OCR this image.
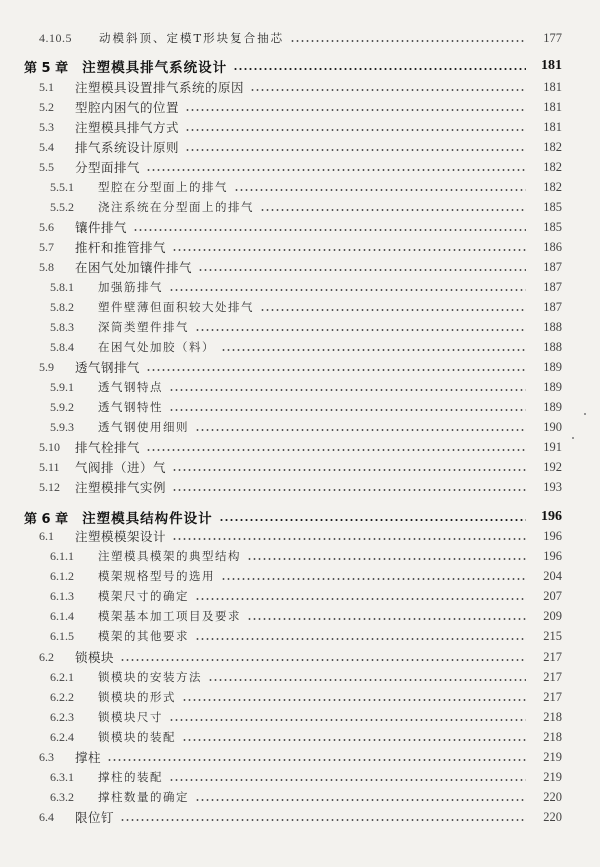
4.10.5	动模斜顶、定模T形块复合抽芯	177
第 5 章 注塑模具排气系统设计	181
5.1	注塑模具设置排气系统的原因	181
5.2	型腔内困气的位置	181
5.3	注塑模具排气方式	181
5.4	排气系统设计原则	182
5.5	分型面排气	182
5.5.1	型腔在分型面上的排气	182
5.5.2	浇注系统在分型面上的排气	185
5.6	镶件排气	185
5.7	推杆和推管排气	186
5.8	在困气处加镶件排气	187
5.8.1	加强筋排气	187
5.8.2	塑件壁薄但面积较大处排气	187
5.8.3	深筒类塑件排气	188
5.8.4	在困气处加胶（料）	188
5.9	透气钢排气	189
5.9.1	透气钢特点	189
5.9.2	透气钢特性	189
5.9.3	透气钢使用细则	190
5.10	排气栓排气	191
5.11	气阀排（进）气	192
5.12	注塑模排气实例	193
第 6 章 注塑模具结构件设计	196
6.1	注塑模模架设计	196
6.1.1	注塑模具模架的典型结构	196
6.1.2	模架规格型号的选用	204
6.1.3	模架尺寸的确定	207
6.1.4	模架基本加工项目及要求	209
6.1.5	模架的其他要求	215
6.2	锁模块	217
6.2.1	锁模块的安装方法	217
6.2.2	锁模块的形式	217
6.2.3	锁模块尺寸	218
6.2.4	锁模块的装配	218
6.3	撑柱	219
6.3.1	撑柱的装配	219
6.3.2	撑柱数量的确定	220
6.4	限位钉	220
